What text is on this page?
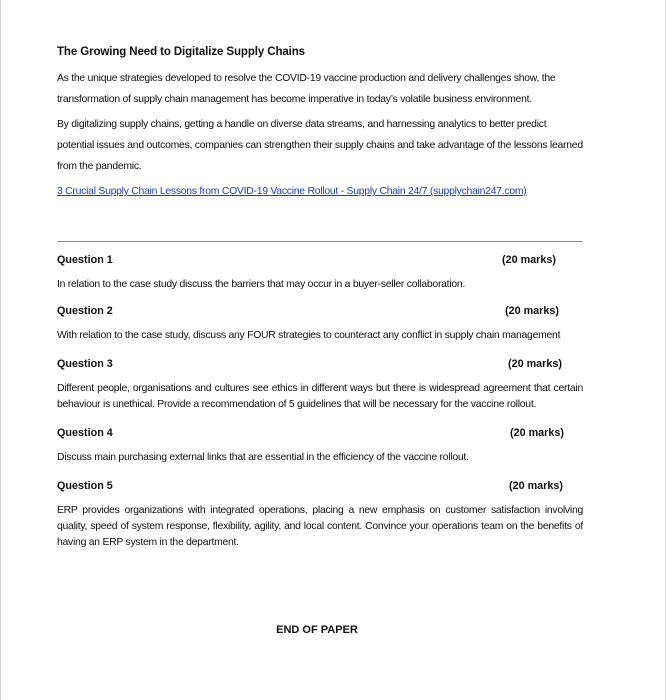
The Growing Need to Digitalize Supply Chains

As the unique strategies developed to resolve the COVID-19 vaccine production and delivery challenges show, the transformation of supply chain management has become imperative in today’s volatile business environment.

By digitalizing supply chains, getting a handle on diverse data streams, and harnessing analytics to better predict potential issues and outcomes, companies can strengthen their supply chains and take advantage of the lessons learned from the pandemic.

3 Crucial Supply Chain Lessons from COVID-19 Vaccine Rollout - Supply Chain 24/7 (supplychain247.com)
Question 1	(20 marks)
In relation to the case study discuss the barriers that may occur in a buyer-seller collaboration.
Question 2	(20 marks)
With relation to the case study, discuss any FOUR strategies to counteract any conflict in supply chain management
Question 3	(20 marks)
Different people, organisations and cultures see ethics in different ways but there is widespread agreement that certain behaviour is unethical. Provide a recommendation of 5 guidelines that will be necessary for the vaccine rollout.
Question 4	(20 marks)
Discuss main purchasing external links that are essential in the efficiency of the vaccine rollout.
Question 5	(20 marks)
ERP provides organizations with integrated operations, placing a new emphasis on customer satisfaction involving quality, speed of system response, flexibility, agility, and local content. Convince your operations team on the benefits of having an ERP system in the department.
END OF PAPER
